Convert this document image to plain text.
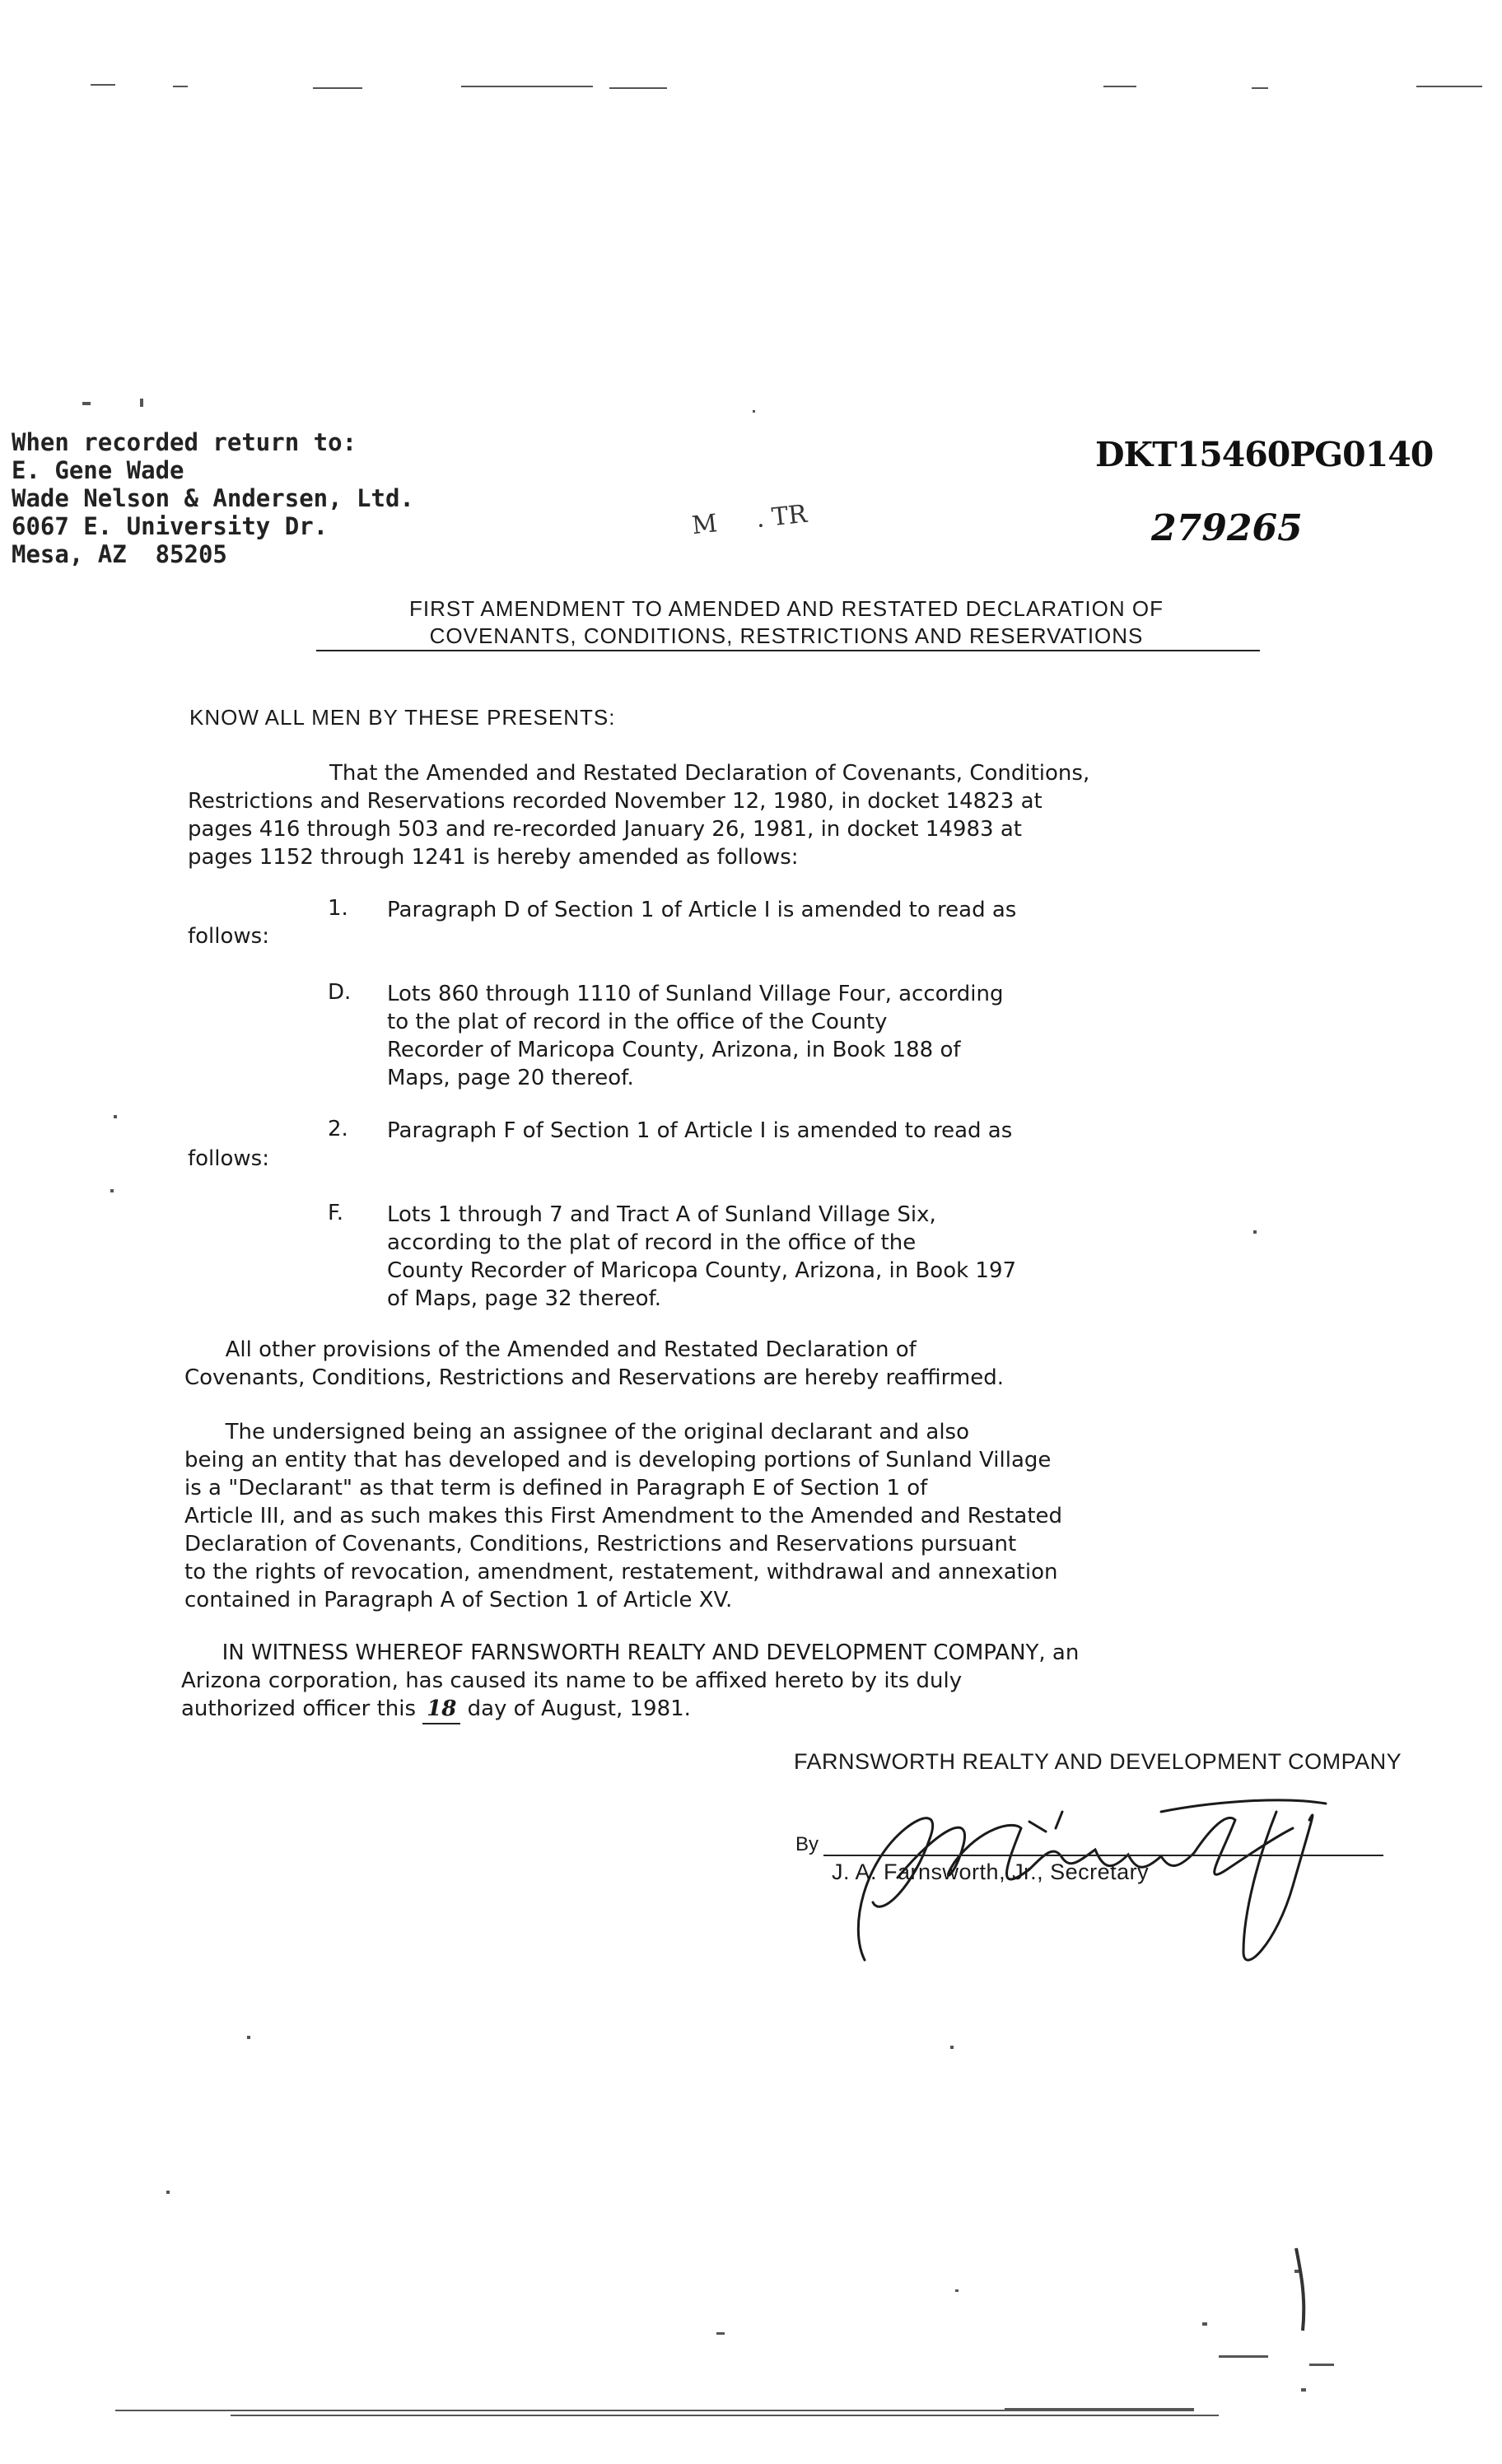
When recorded return to:
E. Gene Wade
Wade Nelson & Andersen, Ltd.
6067 E. University Dr.
Mesa, AZ  85205
DKT15460PG0140
279265
M     . TR
FIRST AMENDMENT TO AMENDED AND RESTATED DECLARATION OF
COVENANTS, CONDITIONS, RESTRICTIONS AND RESERVATIONS
KNOW ALL MEN BY THESE PRESENTS:
That the Amended and Restated Declaration of Covenants, Conditions,
Restrictions and Reservations recorded November 12, 1980, in docket 14823 at
pages 416 through 503 and re-recorded January 26, 1981, in docket 14983 at
pages 1152 through 1241 is hereby amended as follows:
1. Paragraph D of Section 1 of Article I is amended to read as
follows:
D. Lots 860 through 1110 of Sunland Village Four, according
to the plat of record in the office of the County
Recorder of Maricopa County, Arizona, in Book 188 of
Maps, page 20 thereof.
2. Paragraph F of Section 1 of Article I is amended to read as
follows:
F. Lots 1 through 7 and Tract A of Sunland Village Six,
according to the plat of record in the office of the
County Recorder of Maricopa County, Arizona, in Book 197
of Maps, page 32 thereof.
All other provisions of the Amended and Restated Declaration of
Covenants, Conditions, Restrictions and Reservations are hereby reaffirmed.
The undersigned being an assignee of the original declarant and also
being an entity that has developed and is developing portions of Sunland Village
is a "Declarant" as that term is defined in Paragraph E of Section 1 of
Article III, and as such makes this First Amendment to the Amended and Restated
Declaration of Covenants, Conditions, Restrictions and Reservations pursuant
to the rights of revocation, amendment, restatement, withdrawal and annexation
contained in Paragraph A of Section 1 of Article XV.
IN WITNESS WHEREOF FARNSWORTH REALTY AND DEVELOPMENT COMPANY, an
Arizona corporation, has caused its name to be affixed hereto by its duly
authorized officer this 18 day of August, 1981.
FARNSWORTH REALTY AND DEVELOPMENT COMPANY
By
J. A. Farnsworth, Jr., Secretary
